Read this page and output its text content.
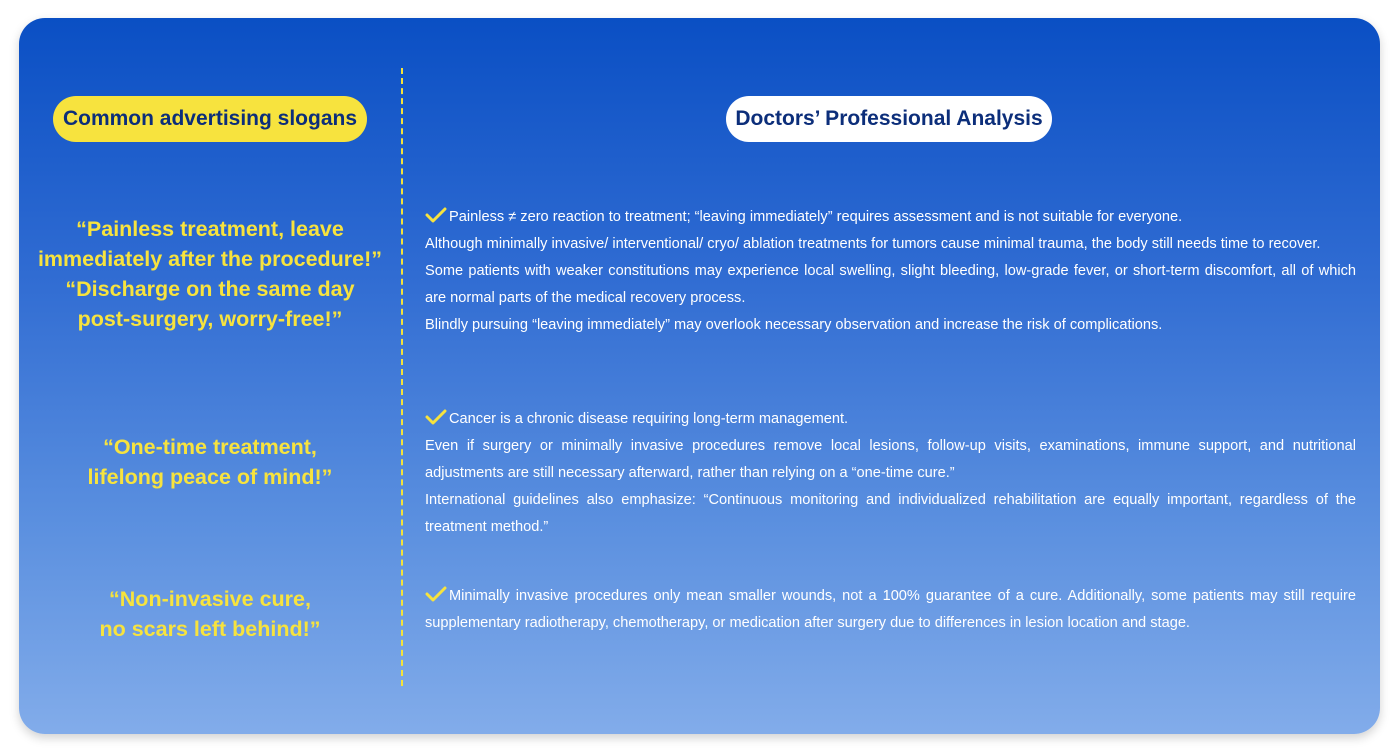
Common advertising slogans	Doctors’ Professional Analysis
“Painless treatment, leave
immediately after the procedure!”
“Discharge on the same day
post-surgery, worry-free!”
“One-time treatment,
lifelong peace of mind!”
“Non-invasive cure,
no scars left behind!”

Painless ≠ zero reaction to treatment; “leaving immediately” requires assessment and is not suitable for everyone.

Although minimally invasive/ interventional/ cryo/ ablation treatments for tumors cause minimal trauma, the body still needs time to recover.

Some patients with weaker constitutions may experience local swelling, slight bleeding, low-grade fever, or short-term discomfort, all of which are normal parts of the medical recovery process.

Blindly pursuing “leaving immediately” may overlook necessary observation and increase the risk of complications.

Cancer is a chronic disease requiring long-term management.

Even if surgery or minimally invasive procedures remove local lesions, follow-up visits, examinations, immune support, and nutritional adjustments are still necessary afterward, rather than relying on a “one-time cure.”

International guidelines also emphasize: “Continuous monitoring and individualized rehabilitation are equally important, regardless of the treatment method.”

Minimally invasive procedures only mean smaller wounds, not a 100% guarantee of a cure. Additionally, some patients may still require supplementary radiotherapy, chemotherapy, or medication after surgery due to differences in lesion location and stage.
